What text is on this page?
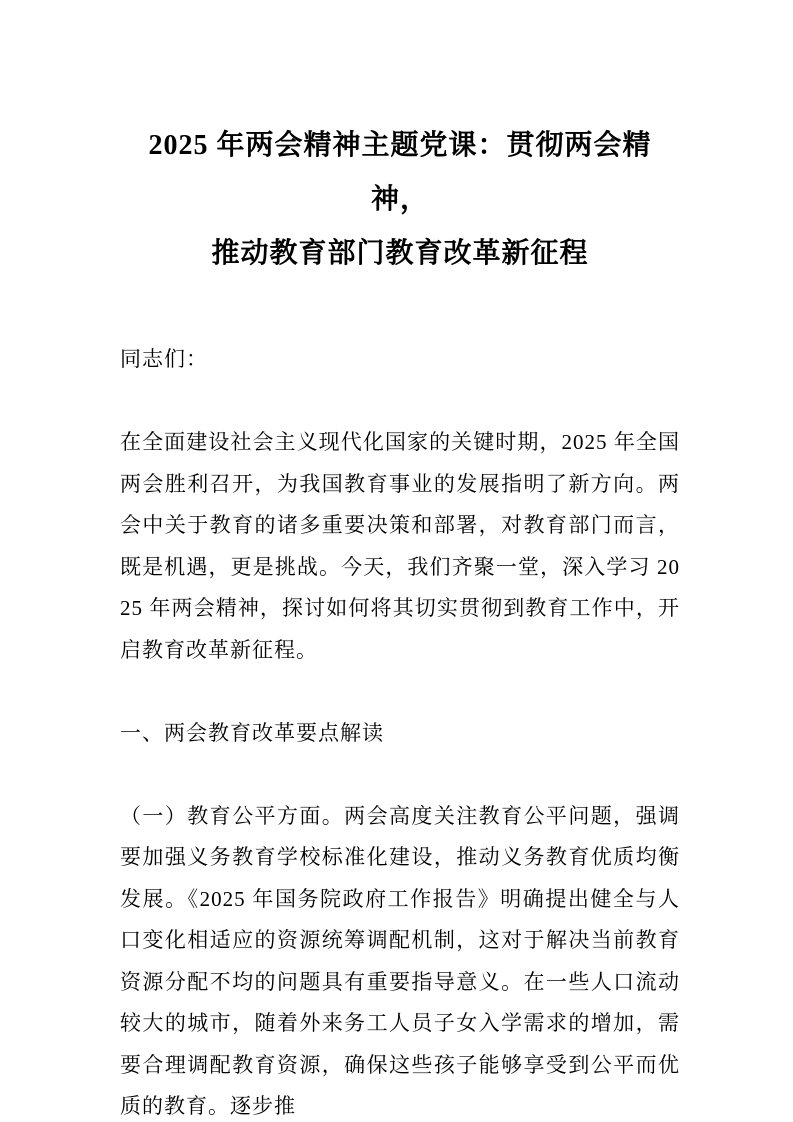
2025 年两会精神主题党课：贯彻两会精神，
推动教育部门教育改革新征程

同志们：

在全面建设社会主义现代化国家的关键时期，2025 年全国两会胜利召开，为我国教育事业的发展指明了新方向。两会中关于教育的诸多重要决策和部署，对教育部门而言，既是机遇，更是挑战。今天，我们齐聚一堂，深入学习 2025 年两会精神，探讨如何将其切实贯彻到教育工作中，开启教育改革新征程。

一、两会教育改革要点解读

（一）教育公平方面。两会高度关注教育公平问题，强调要加强义务教育学校标准化建设，推动义务教育优质均衡发展。《2025 年国务院政府工作报告》明确提出健全与人口变化相适应的资源统筹调配机制，这对于解决当前教育资源分配不均的问题具有重要指导意义。在一些人口流动较大的城市，随着外来务工人员子女入学需求的增加，需要合理调配教育资源，确保这些孩子能够享受到公平而优质的教育。逐步推
